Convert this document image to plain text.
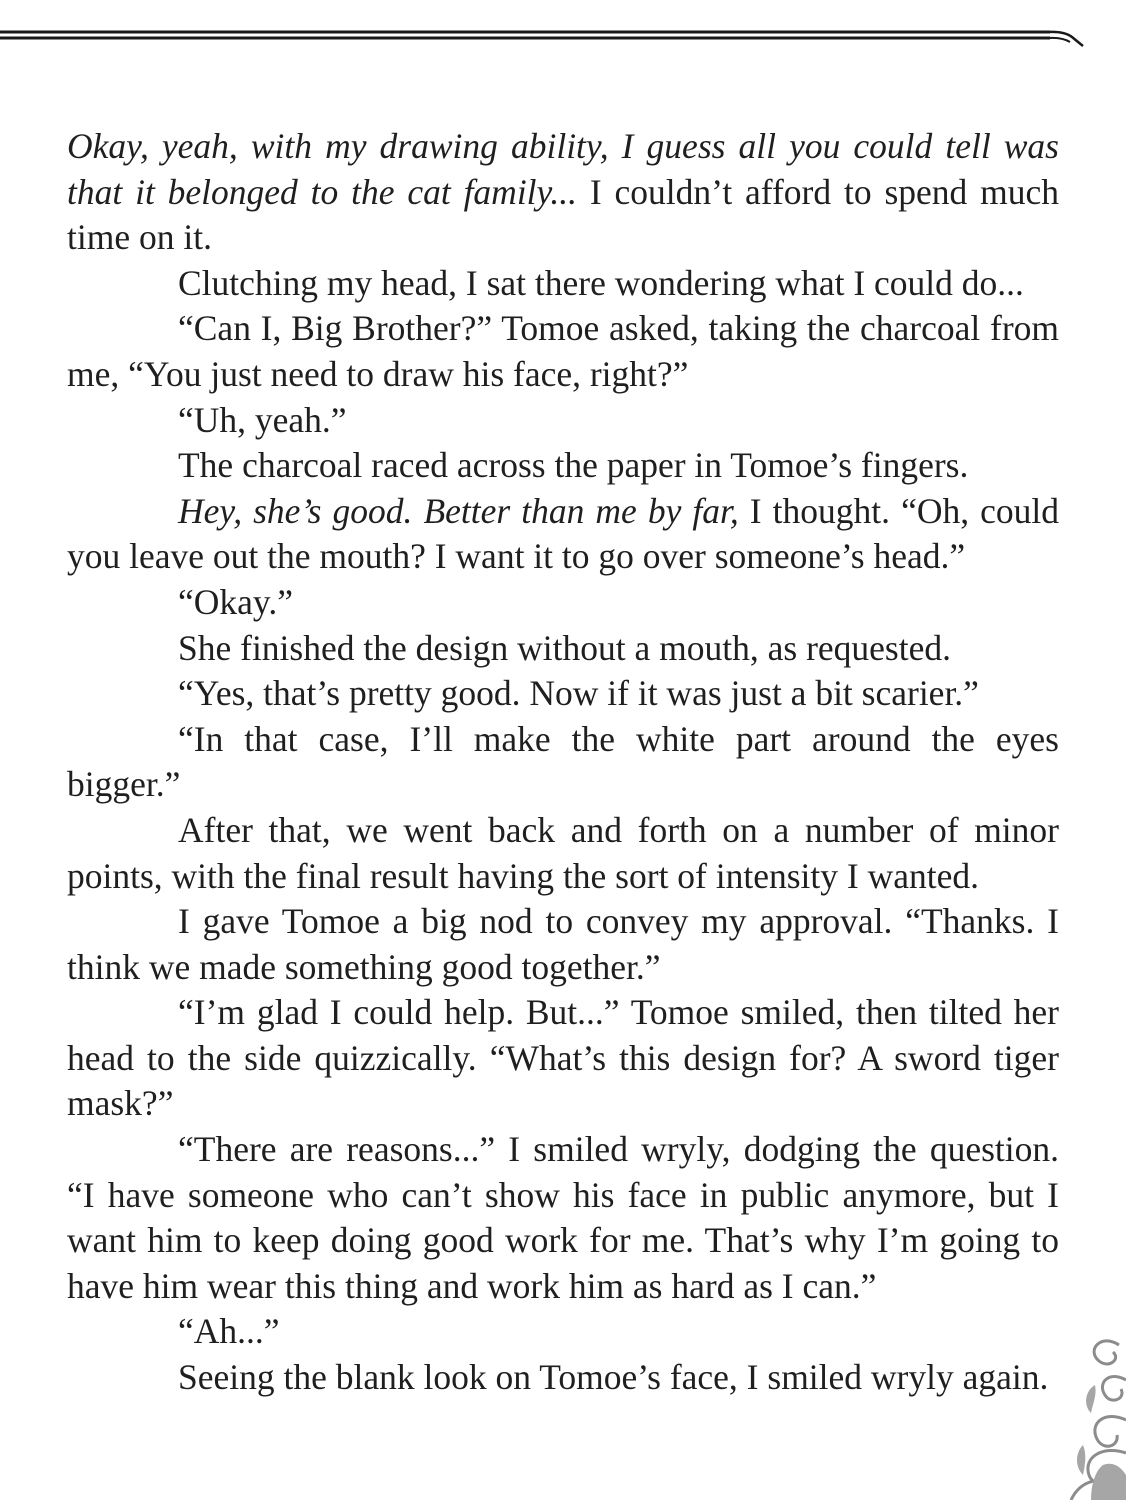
Okay, yeah, with my drawing ability, I guess all you could tell was that it belonged to the cat family... I couldn’t afford to spend much time on it.

Clutching my head, I sat there wondering what I could do...

“Can I, Big Brother?” Tomoe asked, taking the charcoal from me, “You just need to draw his face, right?”

“Uh, yeah.”

The charcoal raced across the paper in Tomoe’s fingers.

Hey, she’s good. Better than me by far, I thought. “Oh, could you leave out the mouth? I want it to go over someone’s head.”

“Okay.”

She finished the design without a mouth, as requested.

“Yes, that’s pretty good. Now if it was just a bit scarier.”

“In that case, I’ll make the white part around the eyes bigger.”

After that, we went back and forth on a number of minor points, with the final result having the sort of intensity I wanted.

I gave Tomoe a big nod to convey my approval. “Thanks. I think we made something good together.”

“I’m glad I could help. But...” Tomoe smiled, then tilted her head to the side quizzically. “What’s this design for? A sword tiger mask?”

“There are reasons...” I smiled wryly, dodging the question. “I have someone who can’t show his face in public anymore, but I want him to keep doing good work for me. That’s why I’m going to have him wear this thing and work him as hard as I can.”

“Ah...”

Seeing the blank look on Tomoe’s face, I smiled wryly again.
